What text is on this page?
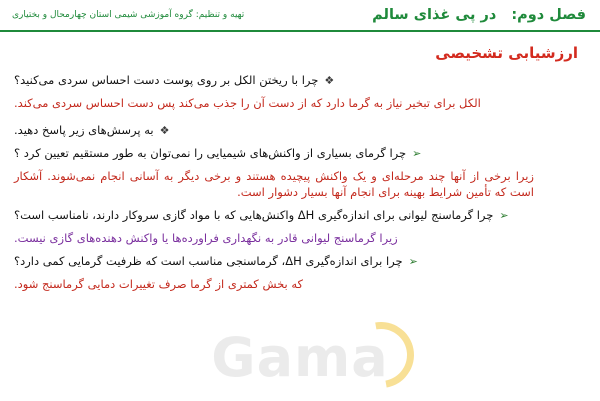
فصل دوم: در پی غذای سالم
تهیه و تنظیم: گروه آموزشی شیمی استان چهارمحال و بختیاری
ارزشیابی تشخیصی
❖
چرا با ریختن الکل بر روی پوست دست احساس سردی می‌کنید؟
الکل برای تبخیر نیاز به گرما دارد که از دست آن را جذب می‌کند پس دست احساس سردی می‌کند.
❖
به پرسش‌های زیر پاسخ دهید.
➢
چرا گرمای بسیاری از واکنش‌های شیمیایی را نمی‌توان به طور مستقیم تعیین کرد ؟
زیرا برخی از آنها چند مرحله‌ای و یک واکنش پیچیده هستند و برخی دیگر به آسانی انجام نمی‌شوند. آشکار است که تأمین شرایط بهینه برای انجام آنها بسیار دشوار است.
➢
چرا گرماسنج لیوانی برای اندازه‌گیری ΔH واکنش‌هایی که با مواد گازی سروکار دارند، نامناسب است؟
زیرا گرماسنج لیوانی قادر به نگهداری فراورده‌ها یا واکنش دهنده‌های گازی نیست.
➢
چرا برای اندازه‌گیری ΔH، گرماسنجی مناسب است که ظرفیت گرمایی کمی دارد؟
که بخش کمتری از گرما صرف تغییرات دمایی گرماسنج شود.
Gama
